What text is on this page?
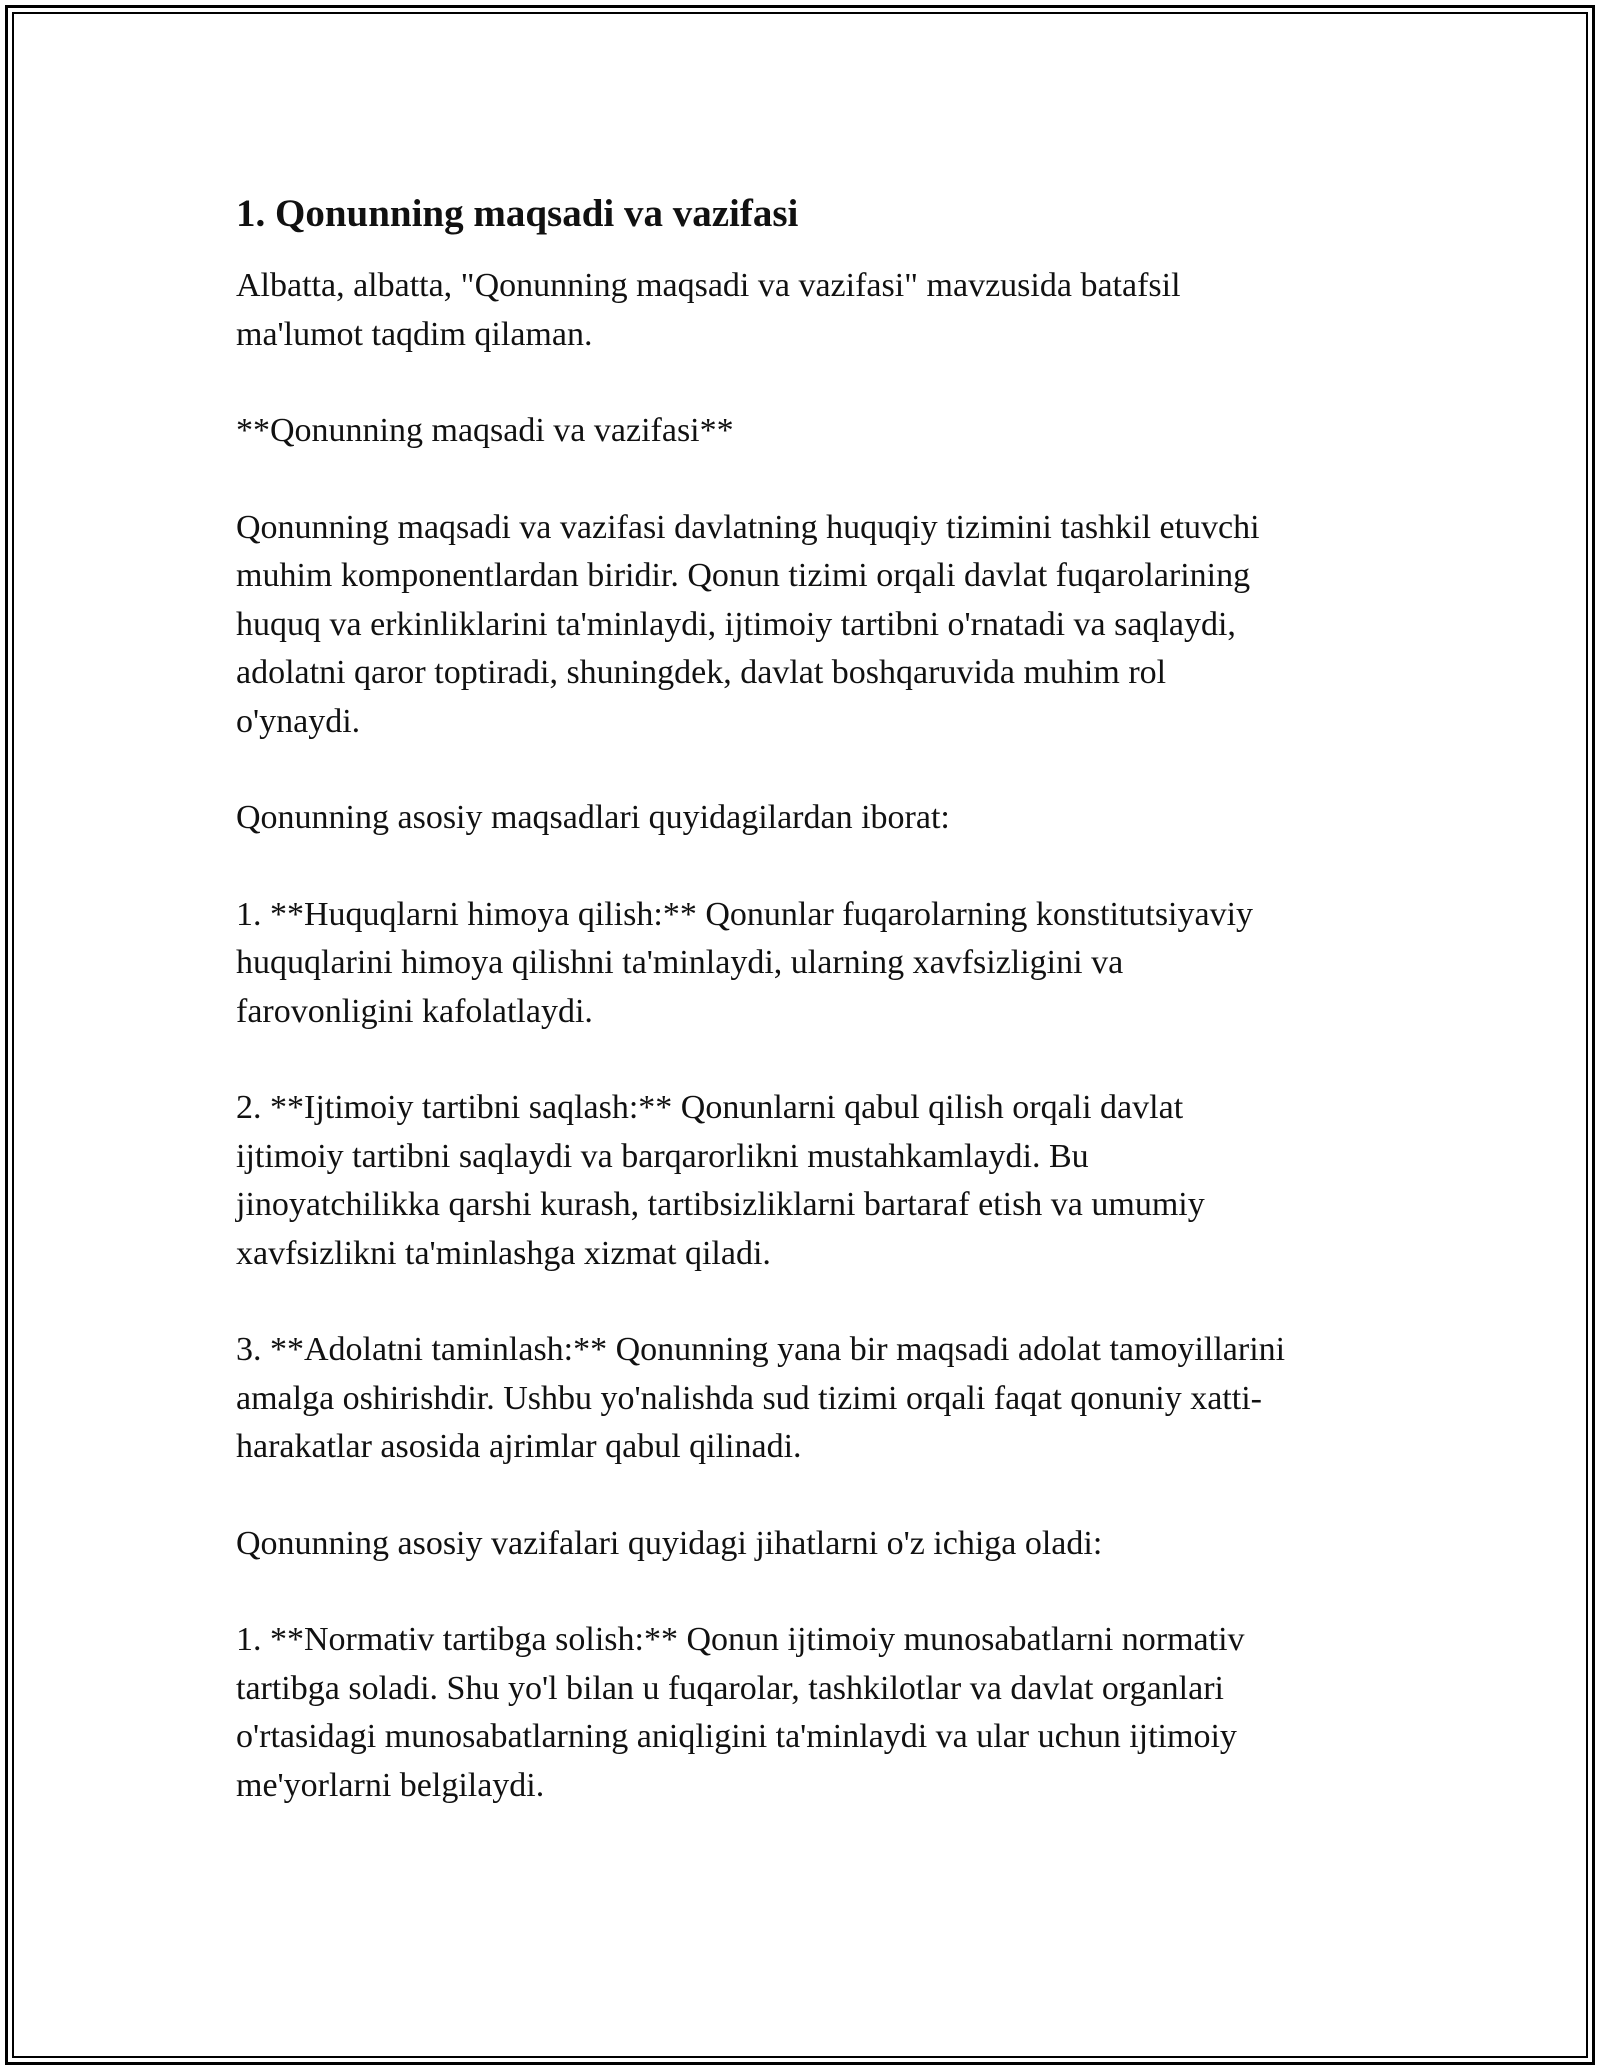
1. Qonunning maqsadi va vazifasi

Albatta, albatta, "Qonunning maqsadi va vazifasi" mavzusida batafsil
ma'lumot taqdim qilaman.

**Qonunning maqsadi va vazifasi**

Qonunning maqsadi va vazifasi davlatning huquqiy tizimini tashkil etuvchi
muhim komponentlardan biridir. Qonun tizimi orqali davlat fuqarolarining
huquq va erkinliklarini ta'minlaydi, ijtimoiy tartibni o'rnatadi va saqlaydi,
adolatni qaror toptiradi, shuningdek, davlat boshqaruvida muhim rol
o'ynaydi.

Qonunning asosiy maqsadlari quyidagilardan iborat:

1. **Huquqlarni himoya qilish:** Qonunlar fuqarolarning konstitutsiyaviy
huquqlarini himoya qilishni ta'minlaydi, ularning xavfsizligini va
farovonligini kafolatlaydi.

2. **Ijtimoiy tartibni saqlash:** Qonunlarni qabul qilish orqali davlat
ijtimoiy tartibni saqlaydi va barqarorlikni mustahkamlaydi. Bu
jinoyatchilikka qarshi kurash, tartibsizliklarni bartaraf etish va umumiy
xavfsizlikni ta'minlashga xizmat qiladi.

3. **Adolatni taminlash:** Qonunning yana bir maqsadi adolat tamoyillarini
amalga oshirishdir. Ushbu yo'nalishda sud tizimi orqali faqat qonuniy xatti-
harakatlar asosida ajrimlar qabul qilinadi.

Qonunning asosiy vazifalari quyidagi jihatlarni o'z ichiga oladi:

1. **Normativ tartibga solish:** Qonun ijtimoiy munosabatlarni normativ
tartibga soladi. Shu yo'l bilan u fuqarolar, tashkilotlar va davlat organlari
o'rtasidagi munosabatlarning aniqligini ta'minlaydi va ular uchun ijtimoiy
me'yorlarni belgilaydi.
